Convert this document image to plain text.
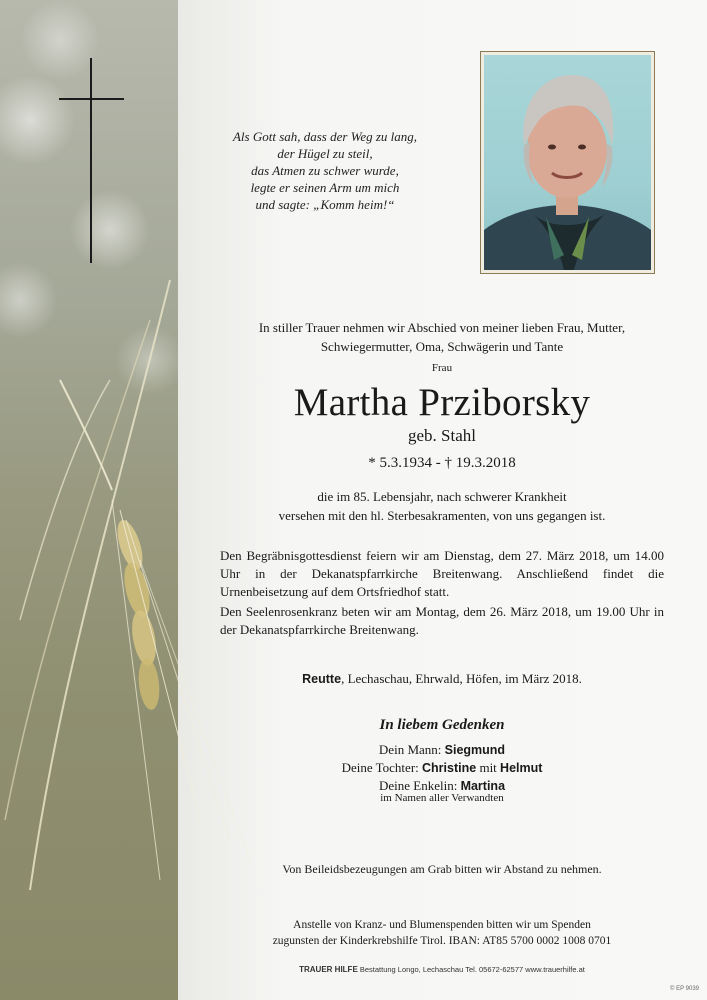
Als Gott sah, dass der Weg zu lang,
der Hügel zu steil,
das Atmen zu schwer wurde,
legte er seinen Arm um mich
und sagte: „Komm heim!“
In stiller Trauer nehmen wir Abschied von meiner lieben Frau, Mutter,
Schwiegermutter, Oma, Schwägerin und Tante
Frau
Martha Prziborsky
geb. Stahl
* 5.3.1934 - † 19.3.2018
die im 85. Lebensjahr, nach schwerer Krankheit
versehen mit den hl. Sterbesakramenten, von uns gegangen ist.
Den Begräbnisgottesdienst feiern wir am Dienstag, dem 27. März 2018, um 14.00 Uhr in der Dekanatspfarrkirche Breitenwang. Anschließend findet die Urnenbeisetzung auf dem Ortsfriedhof statt.
Den Seelenrosenkranz beten wir am Montag, dem 26. März 2018, um 19.00 Uhr in der Dekanatspfarrkirche Breitenwang.
Reutte, Lechaschau, Ehrwald, Höfen, im März 2018.
In liebem Gedenken
Dein Mann: Siegmund
Deine Tochter: Christine mit Helmut
Deine Enkelin: Martina
im Namen aller Verwandten
Von Beileidsbezeugungen am Grab bitten wir Abstand zu nehmen.
Anstelle von Kranz- und Blumenspenden bitten wir um Spenden
zugunsten der Kinderkrebshilfe Tirol. IBAN: AT85 5700 0002 1008 0701
TRAUER HILFE Bestattung Longo, Lechaschau Tel. 05672-62577 www.trauerhilfe.at
© EP 9039
